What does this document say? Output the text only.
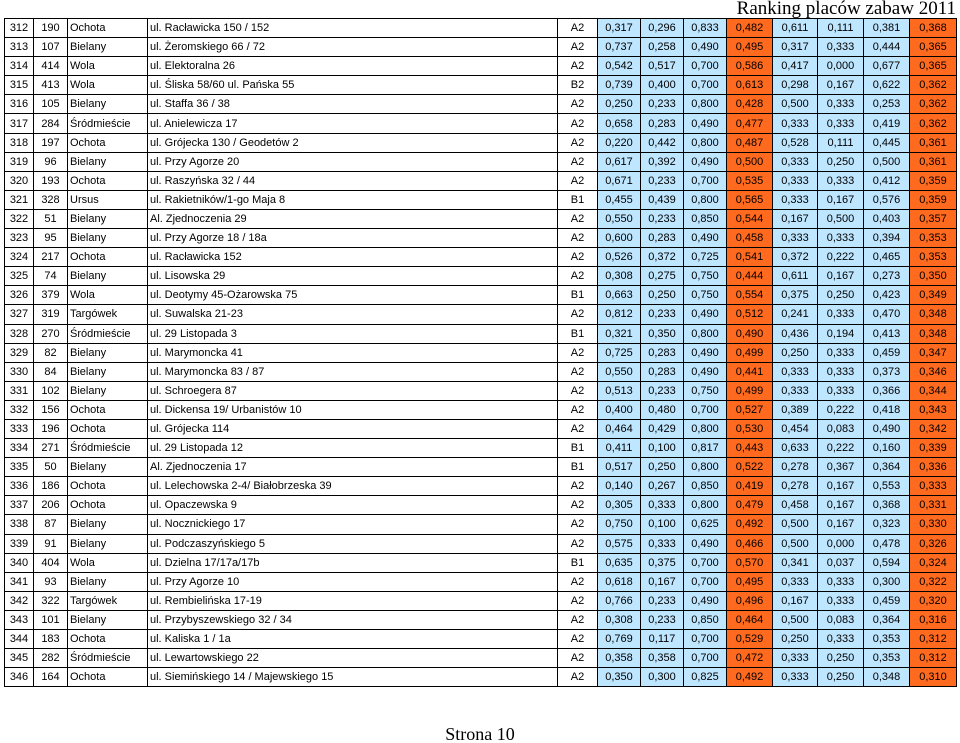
Ranking placów zabaw 2011
312	190	Ochota	ul. Racławicka 150 / 152	A2	0,317	0,296	0,833	0,482	0,611	0,111	0,381	0,368
313	107	Bielany	ul. Żeromskiego 66 / 72	A2	0,737	0,258	0,490	0,495	0,317	0,333	0,444	0,365
314	414	Wola	ul. Elektoralna 26	A2	0,542	0,517	0,700	0,586	0,417	0,000	0,677	0,365
315	413	Wola	ul. Śliska 58/60 ul. Pańska 55	B2	0,739	0,400	0,700	0,613	0,298	0,167	0,622	0,362
316	105	Bielany	ul. Staffa 36 / 38	A2	0,250	0,233	0,800	0,428	0,500	0,333	0,253	0,362
317	284	Śródmieście	ul. Anielewicza 17	A2	0,658	0,283	0,490	0,477	0,333	0,333	0,419	0,362
318	197	Ochota	ul. Grójecka 130 / Geodetów 2	A2	0,220	0,442	0,800	0,487	0,528	0,111	0,445	0,361
319	96	Bielany	ul. Przy Agorze 20	A2	0,617	0,392	0,490	0,500	0,333	0,250	0,500	0,361
320	193	Ochota	ul. Raszyńska 32 / 44	A2	0,671	0,233	0,700	0,535	0,333	0,333	0,412	0,359
321	328	Ursus	ul. Rakietników/1-go Maja 8	B1	0,455	0,439	0,800	0,565	0,333	0,167	0,576	0,359
322	51	Bielany	Al. Zjednoczenia 29	A2	0,550	0,233	0,850	0,544	0,167	0,500	0,403	0,357
323	95	Bielany	ul. Przy Agorze 18 / 18a	A2	0,600	0,283	0,490	0,458	0,333	0,333	0,394	0,353
324	217	Ochota	ul. Racławicka 152	A2	0,526	0,372	0,725	0,541	0,372	0,222	0,465	0,353
325	74	Bielany	ul. Lisowska 29	A2	0,308	0,275	0,750	0,444	0,611	0,167	0,273	0,350
326	379	Wola	ul. Deotymy 45-Ożarowska 75	B1	0,663	0,250	0,750	0,554	0,375	0,250	0,423	0,349
327	319	Targówek	ul. Suwalska 21-23	A2	0,812	0,233	0,490	0,512	0,241	0,333	0,470	0,348
328	270	Śródmieście	ul. 29 Listopada 3	B1	0,321	0,350	0,800	0,490	0,436	0,194	0,413	0,348
329	82	Bielany	ul. Marymoncka 41	A2	0,725	0,283	0,490	0,499	0,250	0,333	0,459	0,347
330	84	Bielany	ul. Marymoncka 83 / 87	A2	0,550	0,283	0,490	0,441	0,333	0,333	0,373	0,346
331	102	Bielany	ul. Schroegera 87	A2	0,513	0,233	0,750	0,499	0,333	0,333	0,366	0,344
332	156	Ochota	ul. Dickensa 19/ Urbanistów 10	A2	0,400	0,480	0,700	0,527	0,389	0,222	0,418	0,343
333	196	Ochota	ul. Grójecka 114	A2	0,464	0,429	0,800	0,530	0,454	0,083	0,490	0,342
334	271	Śródmieście	ul. 29 Listopada 12	B1	0,411	0,100	0,817	0,443	0,633	0,222	0,160	0,339
335	50	Bielany	Al. Zjednoczenia 17	B1	0,517	0,250	0,800	0,522	0,278	0,367	0,364	0,336
336	186	Ochota	ul. Lelechowska 2-4/ Białobrzeska 39	A2	0,140	0,267	0,850	0,419	0,278	0,167	0,553	0,333
337	206	Ochota	ul. Opaczewska 9	A2	0,305	0,333	0,800	0,479	0,458	0,167	0,368	0,331
338	87	Bielany	ul. Nocznickiego 17	A2	0,750	0,100	0,625	0,492	0,500	0,167	0,323	0,330
339	91	Bielany	ul. Podczaszyńskiego 5	A2	0,575	0,333	0,490	0,466	0,500	0,000	0,478	0,326
340	404	Wola	ul. Dzielna 17/17a/17b	B1	0,635	0,375	0,700	0,570	0,341	0,037	0,594	0,324
341	93	Bielany	ul. Przy Agorze 10	A2	0,618	0,167	0,700	0,495	0,333	0,333	0,300	0,322
342	322	Targówek	ul. Rembielińska 17-19	A2	0,766	0,233	0,490	0,496	0,167	0,333	0,459	0,320
343	101	Bielany	ul. Przybyszewskiego 32 / 34	A2	0,308	0,233	0,850	0,464	0,500	0,083	0,364	0,316
344	183	Ochota	ul. Kaliska 1 / 1a	A2	0,769	0,117	0,700	0,529	0,250	0,333	0,353	0,312
345	282	Śródmieście	ul. Lewartowskiego 22	A2	0,358	0,358	0,700	0,472	0,333	0,250	0,353	0,312
346	164	Ochota	ul. Siemińskiego 14 / Majewskiego 15	A2	0,350	0,300	0,825	0,492	0,333	0,250	0,348	0,310
Strona 10
